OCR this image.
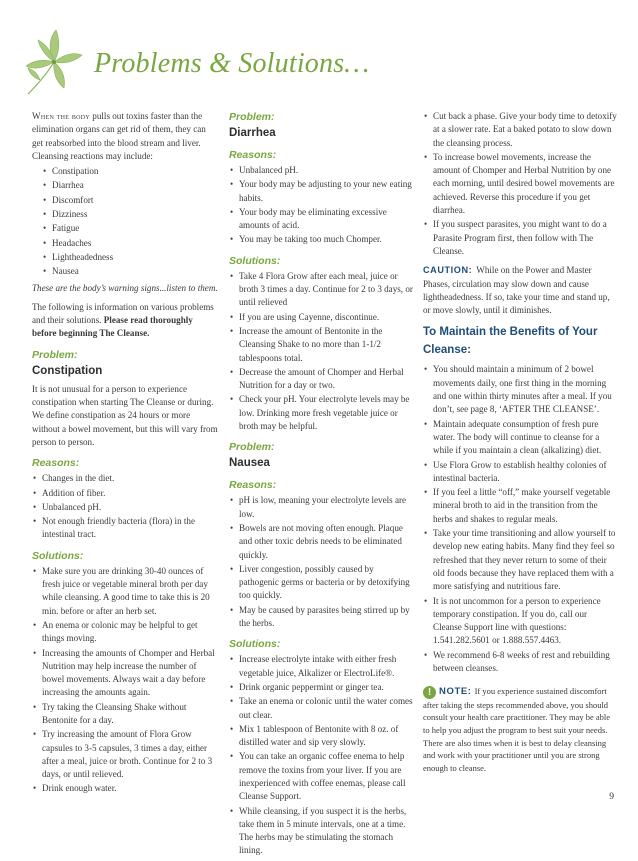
Problems & Solutions…

When the body pulls out toxins faster than the elimination organs can get rid of them, they can get reabsorbed into the blood stream and liver. Cleansing reactions may include:

• Constipation
• Diarrhea
• Discomfort
• Dizziness
• Fatigue
• Headaches
• Lightheadedness
• Nausea

These are the body’s warning signs...listen to them.

The following is information on various problems and their solutions. Please read thoroughly before beginning The Cleanse.

Problem:
Constipation

It is not unusual for a person to experience constipation when starting The Cleanse or during. We define constipation as 24 hours or more without a bowel movement, but this will vary from person to person.

Reasons:
• Changes in the diet.
• Addition of fiber.
• Unbalanced pH.
• Not enough friendly bacteria (flora) in the intestinal tract.
Solutions:
• Make sure you are drinking 30-40 ounces of fresh juice or vegetable mineral broth per day while cleansing. A good time to take this is 20 min. before or after an herb set.
• An enema or colonic may be helpful to get things moving.
• Increasing the amounts of Chomper and Herbal Nutrition may help increase the number of bowel movements. Always wait a day before increasing the amounts again.
• Try taking the Cleansing Shake without Bentonite for a day.
• Try increasing the amount of Flora Grow capsules to 3-5 capsules, 3 times a day, either after a meal, juice or broth. Continue for 2 to 3 days, or until relieved.
• Drink enough water.
Problem:
Diarrhea
Reasons:
• Unbalanced pH.
• Your body may be adjusting to your new eating habits.
• Your body may be eliminating excessive amounts of acid.
• You may be taking too much Chomper.
Solutions:
• Take 4 Flora Grow after each meal, juice or broth 3 times a day. Continue for 2 to 3 days, or until relieved
• If you are using Cayenne, discontinue.
• Increase the amount of Bentonite in the Cleansing Shake to no more than 1-1/2 tablespoons total.
• Decrease the amount of Chomper and Herbal Nutrition for a day or two.
• Check your pH. Your electrolyte levels may be low. Drinking more fresh vegetable juice or broth may be helpful.
Problem:
Nausea
Reasons:
• pH is low, meaning your electrolyte levels are low.
• Bowels are not moving often enough. Plaque and other toxic debris needs to be eliminated quickly.
• Liver congestion, possibly caused by pathogenic germs or bacteria or by detoxifying too quickly.
• May be caused by parasites being stirred up by the herbs.
Solutions:
• Increase electrolyte intake with either fresh vegetable juice, Alkalizer or ElectroLife®.
• Drink organic peppermint or ginger tea.
• Take an enema or colonic until the water comes out clear.
• Mix 1 tablespoon of Bentonite with 8 oz. of distilled water and sip very slowly.
• You can take an organic coffee enema to help remove the toxins from your liver. If you are inexperienced with coffee enemas, please call Cleanse Support.
• While cleansing, if you suspect it is the herbs, take them in 5 minute intervals, one at a time. The herbs may be stimulating the stomach lining.
• Cut back a phase. Give your body time to detoxify at a slower rate. Eat a baked potato to slow down the cleansing process.
• To increase bowel movements, increase the amount of Chomper and Herbal Nutrition by one each morning, until desired bowel movements are achieved. Reverse this procedure if you get diarrhea.
• If you suspect parasites, you might want to do a Parasite Program first, then follow with The Cleanse.

CAUTION: While on the Power and Master Phases, circulation may slow down and cause lightheadedness. If so, take your time and stand up, or move slowly, until it diminishes.

To Maintain the Benefits of Your Cleanse:
• You should maintain a minimum of 2 bowel movements daily, one first thing in the morning and one within thirty minutes after a meal. If you don’t, see page 8, ‘AFTER THE CLEANSE’.
• Maintain adequate consumption of fresh pure water. The body will continue to cleanse for a while if you maintain a clean (alkalizing) diet.
• Use Flora Grow to establish healthy colonies of intestinal bacteria.
• If you feel a little “off,” make yourself vegetable mineral broth to aid in the transition from the herbs and shakes to regular meals.
• Take your time transitioning and allow yourself to develop new eating habits. Many find they feel so refreshed that they never return to some of their old foods because they have replaced them with a more satisfying and nutritious fare.
• It is not uncommon for a person to experience temporary constipation. If you do, call our Cleanse Support line with questions: 1.541.282.5601 or 1.888.557.4463.
• We recommend 6-8 weeks of rest and rebuilding between cleanses.
! NOTE: If you experience sustained discomfort after taking the steps recommended above, you should consult your health care practitioner. They may be able to help you adjust the program to best suit your needs. There are also times when it is best to delay cleansing and work with your practitioner until you are strong enough to cleanse.
9
